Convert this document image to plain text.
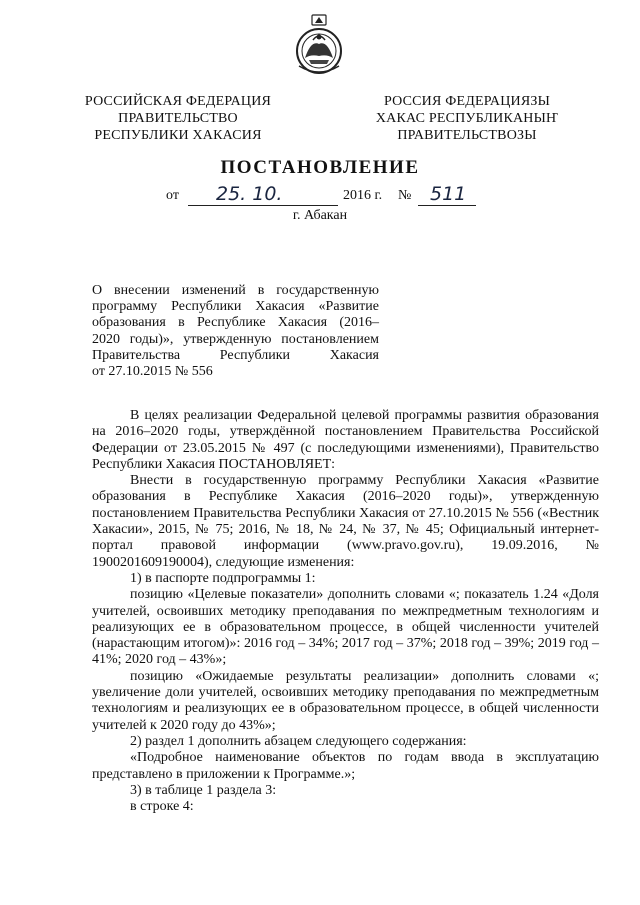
РОССИЙСКАЯ ФЕДЕРАЦИЯ
ПРАВИТЕЛЬСТВО
РЕСПУБЛИКИ ХАКАСИЯ
РОССИЯ ФЕДЕРАЦИЯЗЫ
ХАКАС РЕСПУБЛИКАНЫҤ
ПРАВИТЕЛЬСТВОЗЫ
ПОСТАНОВЛЕНИЕ
от 25. 10.	2016 г. № 511
г. Абакан
О внесении изменений в государственную
программу Республики Хакасия «Развитие
образования в Республике Хакасия (2016–
2020 годы)», утвержденную постановлением
Правительства Республики Хакасия
от 27.10.2015 № 556

В целях реализации Федеральной целевой программы развития образования на 2016–2020 годы, утверждённой постановлением Правительства Российской Федерации от 23.05.2015 № 497 (с последующими изменениями), Правительство Республики Хакасия ПОСТАНОВЛЯЕТ:

Внести в государственную программу Республики Хакасия «Развитие образования в Республике Хакасия (2016–2020 годы)», утвержденную постановлением Правительства Республики Хакасия от 27.10.2015 № 556 («Вестник Хакасии», 2015, № 75; 2016, № 18, № 24, № 37, № 45; Официальный интернет-портал правовой информации (www.pravo.gov.ru), 19.09.2016, № 1900201609190004), следующие изменения:

1) в паспорте подпрограммы 1:

позицию «Целевые показатели» дополнить словами «; показатель 1.24 «Доля учителей, освоивших методику преподавания по межпредметным технологиям и реализующих ее в образовательном процессе, в общей численности учителей (нарастающим итогом)»: 2016 год – 34%; 2017 год – 37%; 2018 год – 39%; 2019 год – 41%; 2020 год – 43%»;

позицию «Ожидаемые результаты реализации» дополнить словами «; увеличение доли учителей, освоивших методику преподавания по межпредметным технологиям и реализующих ее в образовательном процессе, в общей численности учителей к 2020 году до 43%»;

2) раздел 1 дополнить абзацем следующего содержания:

«Подробное наименование объектов по годам ввода в эксплуатацию представлено в приложении к Программе.»;

3) в таблице 1 раздела 3:

в строке 4:
